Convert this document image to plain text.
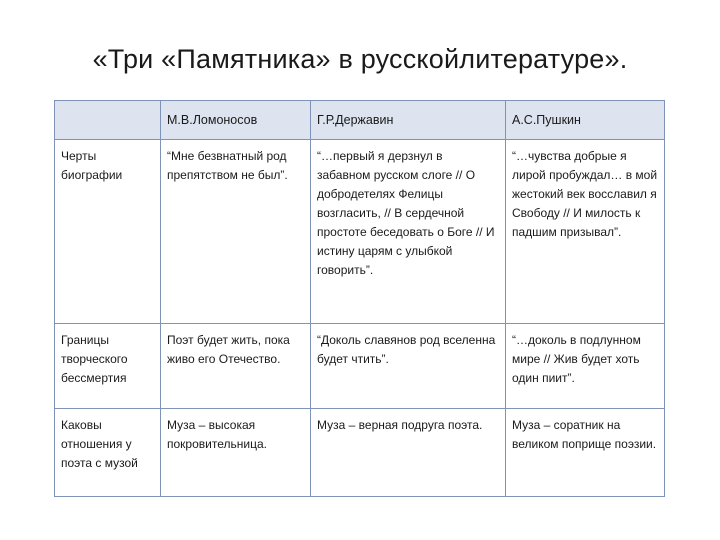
«Три «Памятника» в русскойлитературе».
	М.В.Ломоносов	Г.Р.Державин	А.С.Пушкин
Черты биографии	“Мне безвнатный род препятством не был”.	“…первый я дерзнул в забавном русском слоге // О добродетелях Фелицы возгласить, // В сердечной простоте беседовать о Боге // И истину царям с улыбкой говорить”.	“…чувства добрые я лирой пробуждал… в мой жестокий век восславил я Свободу // И милость к падшим призывал”.
Границы творческого бессмертия	Поэт будет жить, пока живо его Отечество.	“Доколь славянов род вселенна будет чтить”.	“…доколь в подлунном мире // Жив будет хоть один пиит”.
Каковы отношения у поэта с музой	Муза – высокая покровительница.	Муза – верная подруга поэта.	Муза – соратник на великом поприще поэзии.
